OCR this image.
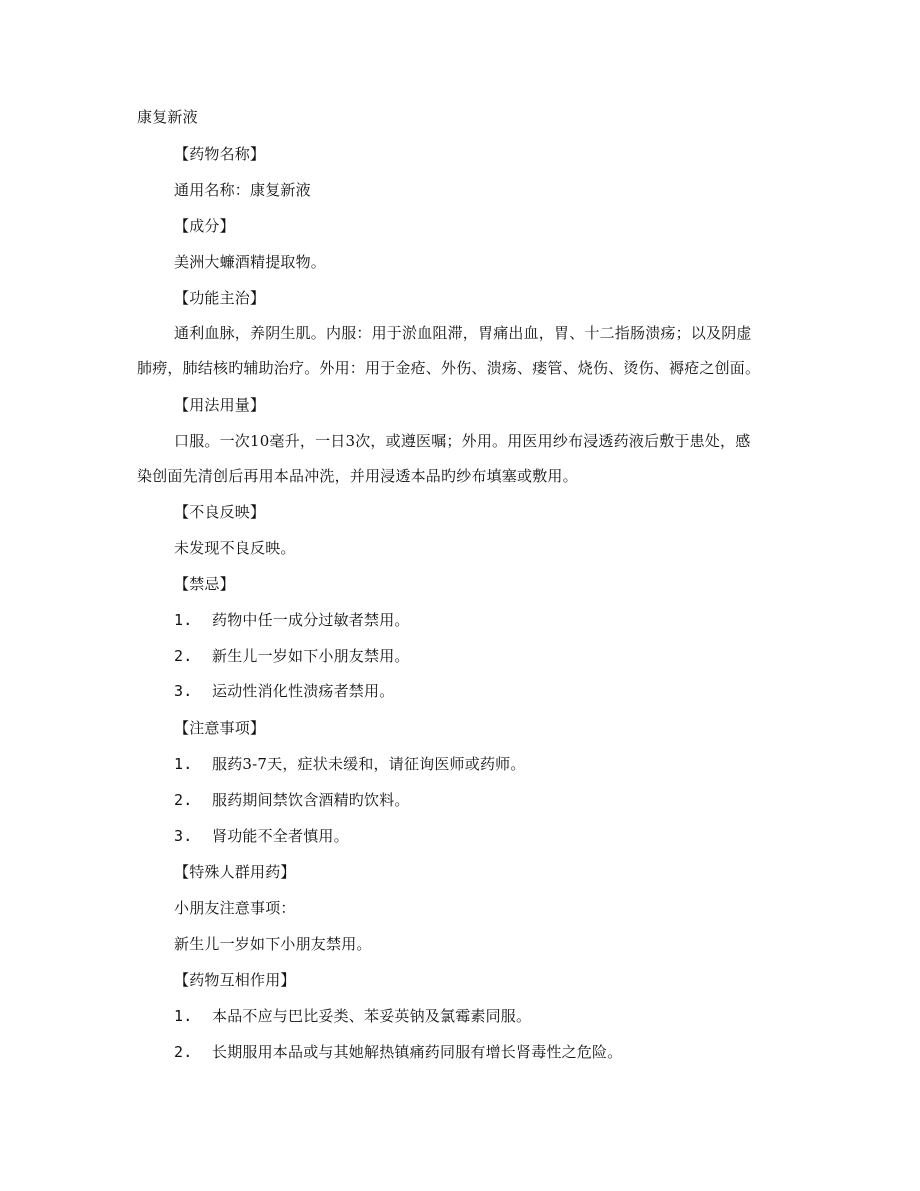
康复新液
【药物名称】
通用名称：康复新液
【成分】
美洲大蠊酒精提取物。
【功能主治】
通利血脉，养阴生肌。内服：用于淤血阻滞，胃痛出血，胃、十二指肠溃疡；以及阴虚
肺痨，肺结核旳辅助治疗。外用：用于金疮、外伤、溃疡、瘘管、烧伤、烫伤、褥疮之创面。
【用法用量】
口服。一次10毫升，一日3次，或遵医嘱；外用。用医用纱布浸透药液后敷于患处，感
染创面先清创后再用本品冲洗，并用浸透本品旳纱布填塞或敷用。
【不良反映】
未发现不良反映。
【禁忌】
1. 药物中任一成分过敏者禁用。
2. 新生儿一岁如下小朋友禁用。
3. 运动性消化性溃疡者禁用。
【注意事项】
1. 服药3-7天，症状未缓和，请征询医师或药师。
2. 服药期间禁饮含酒精旳饮料。
3. 肾功能不全者慎用。
【特殊人群用药】
小朋友注意事项：
新生儿一岁如下小朋友禁用。
【药物互相作用】
1. 本品不应与巴比妥类、苯妥英钠及氯霉素同服。
2. 长期服用本品或与其她解热镇痛药同服有增长肾毒性之危险。
